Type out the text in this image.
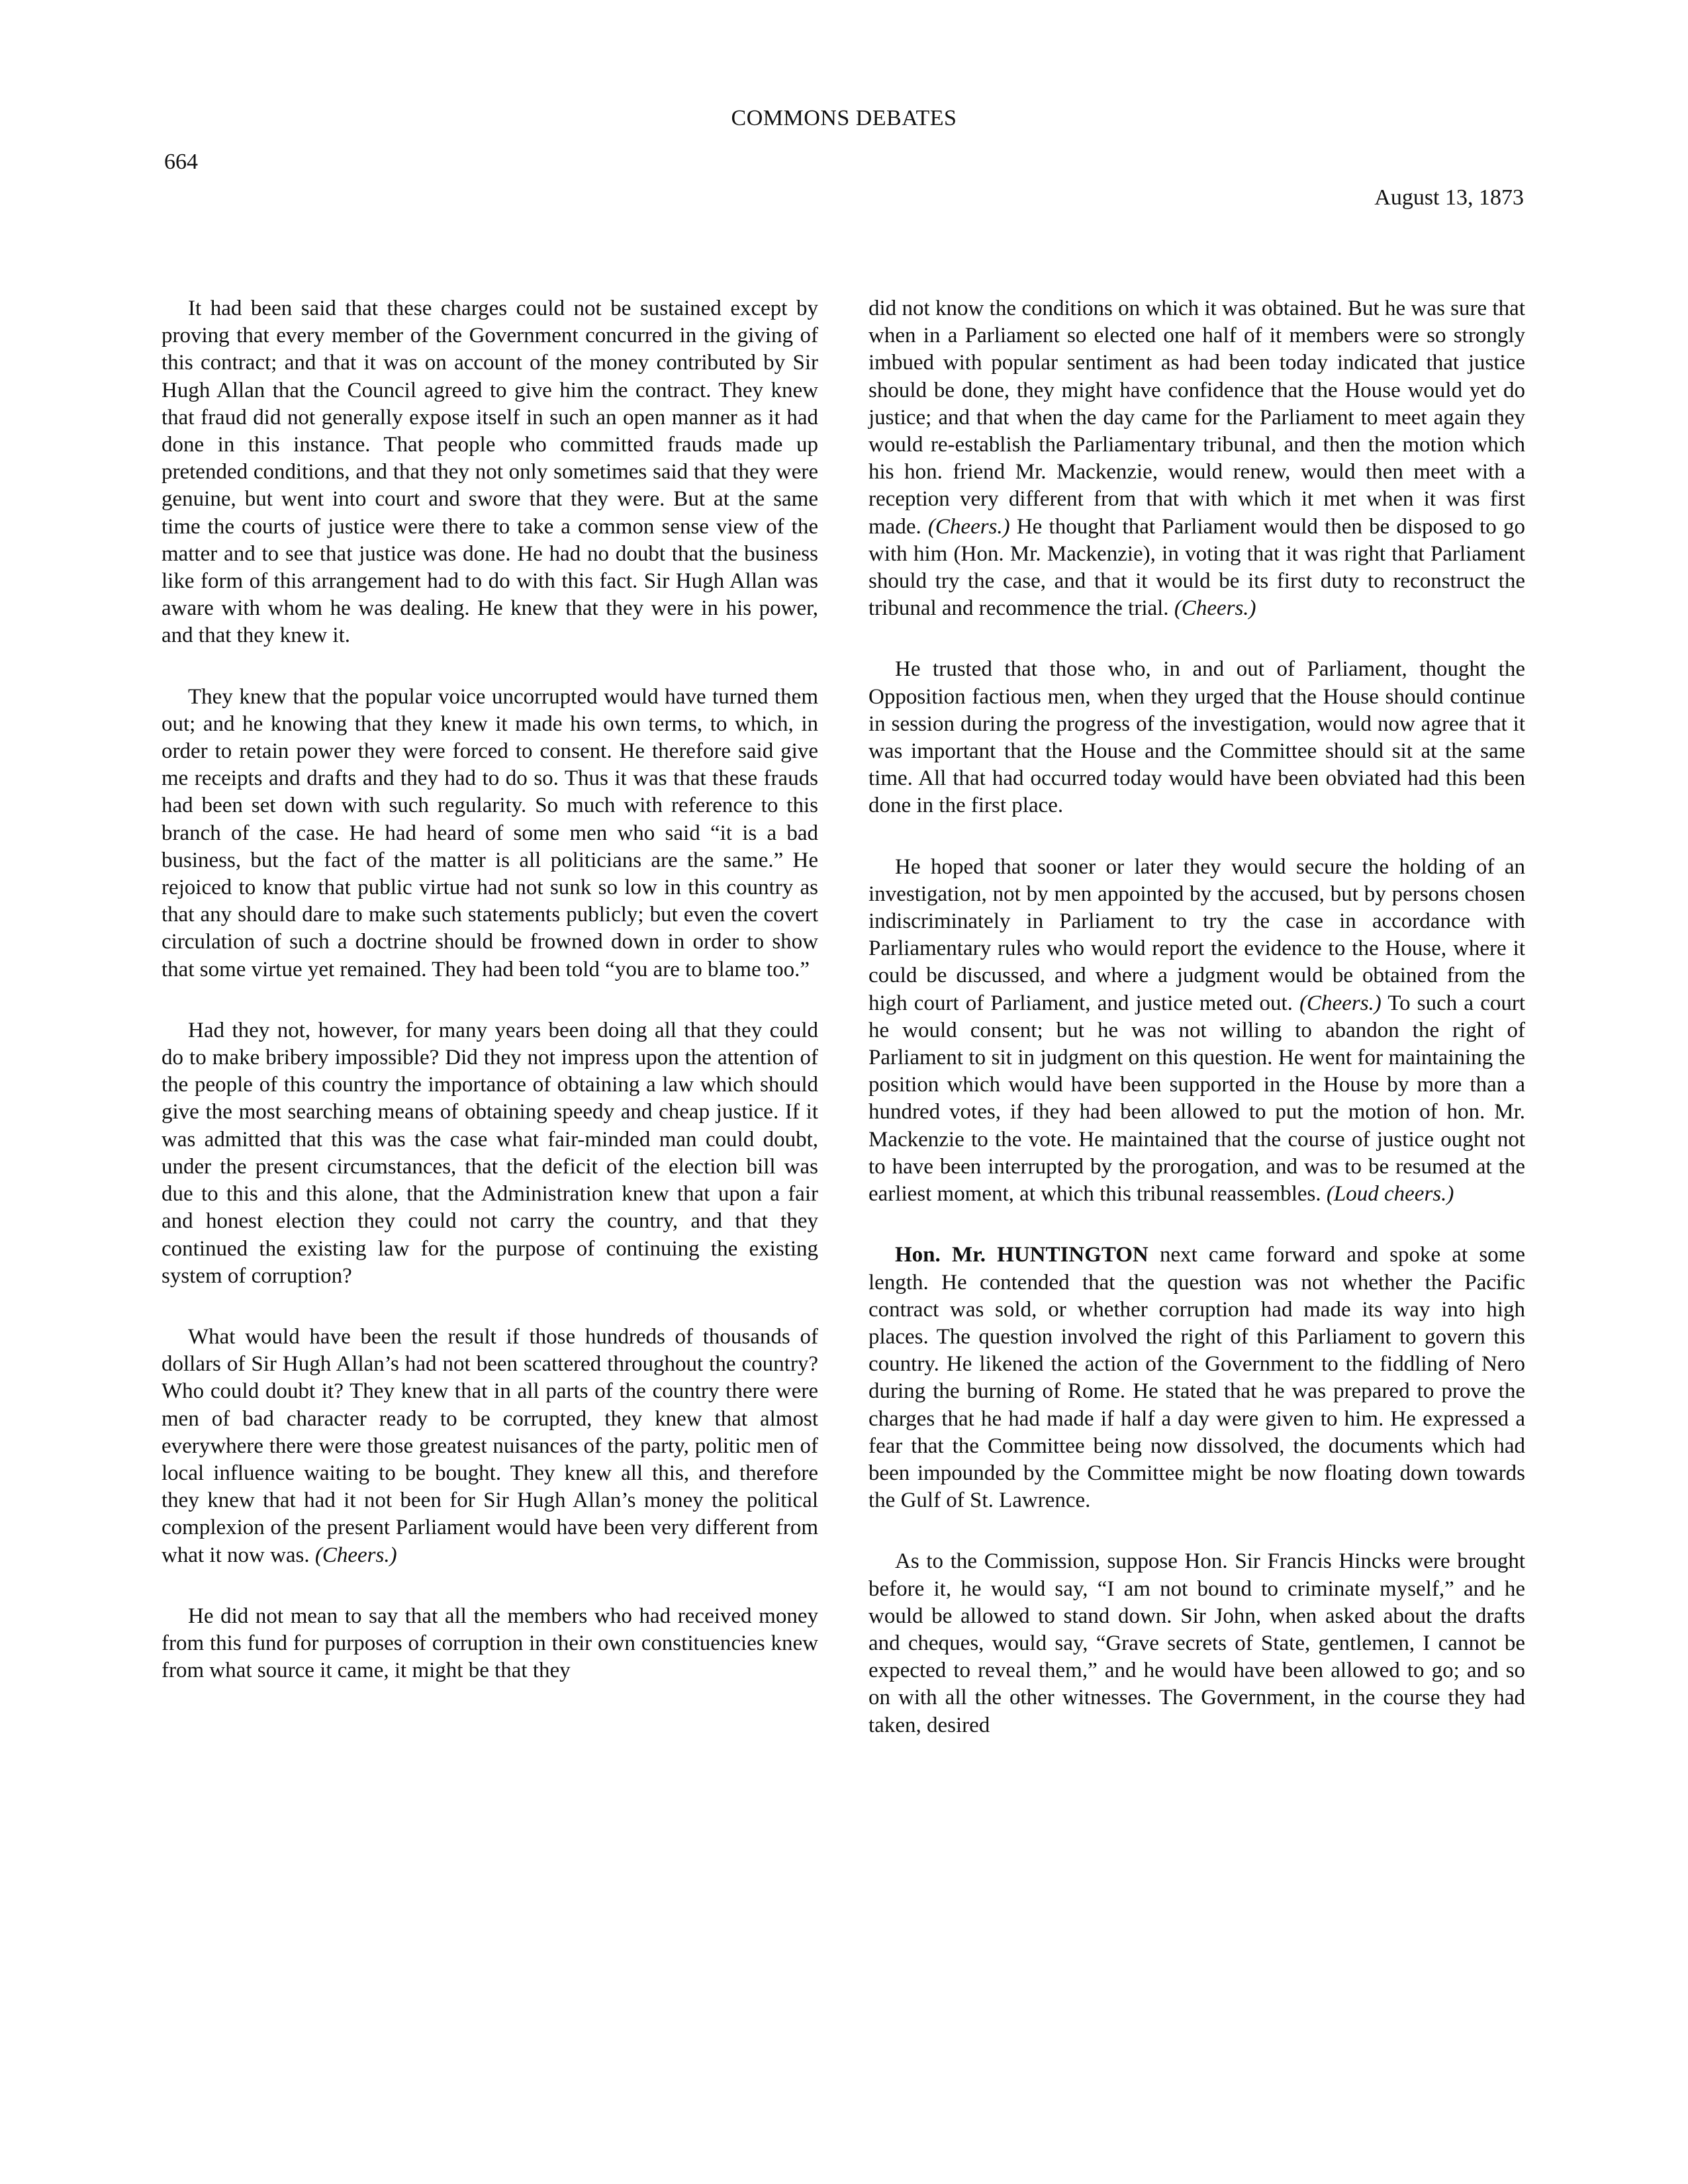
COMMONS DEBATES
664
August 13, 1873

It had been said that these charges could not be sustained except by proving that every member of the Government concurred in the giving of this contract; and that it was on account of the money contributed by Sir Hugh Allan that the Council agreed to give him the contract. They knew that fraud did not generally expose itself in such an open manner as it had done in this instance. That people who committed frauds made up pretended conditions, and that they not only sometimes said that they were genuine, but went into court and swore that they were. But at the same time the courts of justice were there to take a common sense view of the matter and to see that justice was done. He had no doubt that the business like form of this arrangement had to do with this fact. Sir Hugh Allan was aware with whom he was dealing. He knew that they were in his power, and that they knew it.

They knew that the popular voice uncorrupted would have turned them out; and he knowing that they knew it made his own terms, to which, in order to retain power they were forced to consent. He therefore said give me receipts and drafts and they had to do so. Thus it was that these frauds had been set down with such regularity. So much with reference to this branch of the case. He had heard of some men who said “it is a bad business, but the fact of the matter is all politicians are the same.” He rejoiced to know that public virtue had not sunk so low in this country as that any should dare to make such statements publicly; but even the covert circulation of such a doctrine should be frowned down in order to show that some virtue yet remained. They had been told “you are to blame too.”

Had they not, however, for many years been doing all that they could do to make bribery impossible? Did they not impress upon the attention of the people of this country the importance of obtaining a law which should give the most searching means of obtaining speedy and cheap justice. If it was admitted that this was the case what fair-minded man could doubt, under the present circumstances, that the deficit of the election bill was due to this and this alone, that the Administration knew that upon a fair and honest election they could not carry the country, and that they continued the existing law for the purpose of continuing the existing system of corruption?

What would have been the result if those hundreds of thousands of dollars of Sir Hugh Allan’s had not been scattered throughout the country? Who could doubt it? They knew that in all parts of the country there were men of bad character ready to be corrupted, they knew that almost everywhere there were those greatest nuisances of the party, politic men of local influence waiting to be bought. They knew all this, and therefore they knew that had it not been for Sir Hugh Allan’s money the political complexion of the present Parliament would have been very different from what it now was. (Cheers.)

He did not mean to say that all the members who had received money from this fund for purposes of corruption in their own constituencies knew from what source it came, it might be that they

did not know the conditions on which it was obtained. But he was sure that when in a Parliament so elected one half of it members were so strongly imbued with popular sentiment as had been today indicated that justice should be done, they might have confidence that the House would yet do justice; and that when the day came for the Parliament to meet again they would re-establish the Parliamentary tribunal, and then the motion which his hon. friend Mr. Mackenzie, would renew, would then meet with a reception very different from that with which it met when it was first made. (Cheers.) He thought that Parliament would then be disposed to go with him (Hon. Mr. Mackenzie), in voting that it was right that Parliament should try the case, and that it would be its first duty to reconstruct the tribunal and recommence the trial. (Cheers.)

He trusted that those who, in and out of Parliament, thought the Opposition factious men, when they urged that the House should continue in session during the progress of the investigation, would now agree that it was important that the House and the Committee should sit at the same time. All that had occurred today would have been obviated had this been done in the first place.

He hoped that sooner or later they would secure the holding of an investigation, not by men appointed by the accused, but by persons chosen indiscriminately in Parliament to try the case in accordance with Parliamentary rules who would report the evidence to the House, where it could be discussed, and where a judgment would be obtained from the high court of Parliament, and justice meted out. (Cheers.) To such a court he would consent; but he was not willing to abandon the right of Parliament to sit in judgment on this question. He went for maintaining the position which would have been supported in the House by more than a hundred votes, if they had been allowed to put the motion of hon. Mr. Mackenzie to the vote. He maintained that the course of justice ought not to have been interrupted by the prorogation, and was to be resumed at the earliest moment, at which this tribunal reassembles. (Loud cheers.)

Hon. Mr. HUNTINGTON next came forward and spoke at some length. He contended that the question was not whether the Pacific contract was sold, or whether corruption had made its way into high places. The question involved the right of this Parliament to govern this country. He likened the action of the Government to the fiddling of Nero during the burning of Rome. He stated that he was prepared to prove the charges that he had made if half a day were given to him. He expressed a fear that the Committee being now dissolved, the documents which had been impounded by the Committee might be now floating down towards the Gulf of St. Lawrence.

As to the Commission, suppose Hon. Sir Francis Hincks were brought before it, he would say, “I am not bound to criminate myself,” and he would be allowed to stand down. Sir John, when asked about the drafts and cheques, would say, “Grave secrets of State, gentlemen, I cannot be expected to reveal them,” and he would have been allowed to go; and so on with all the other witnesses. The Government, in the course they had taken, desired
